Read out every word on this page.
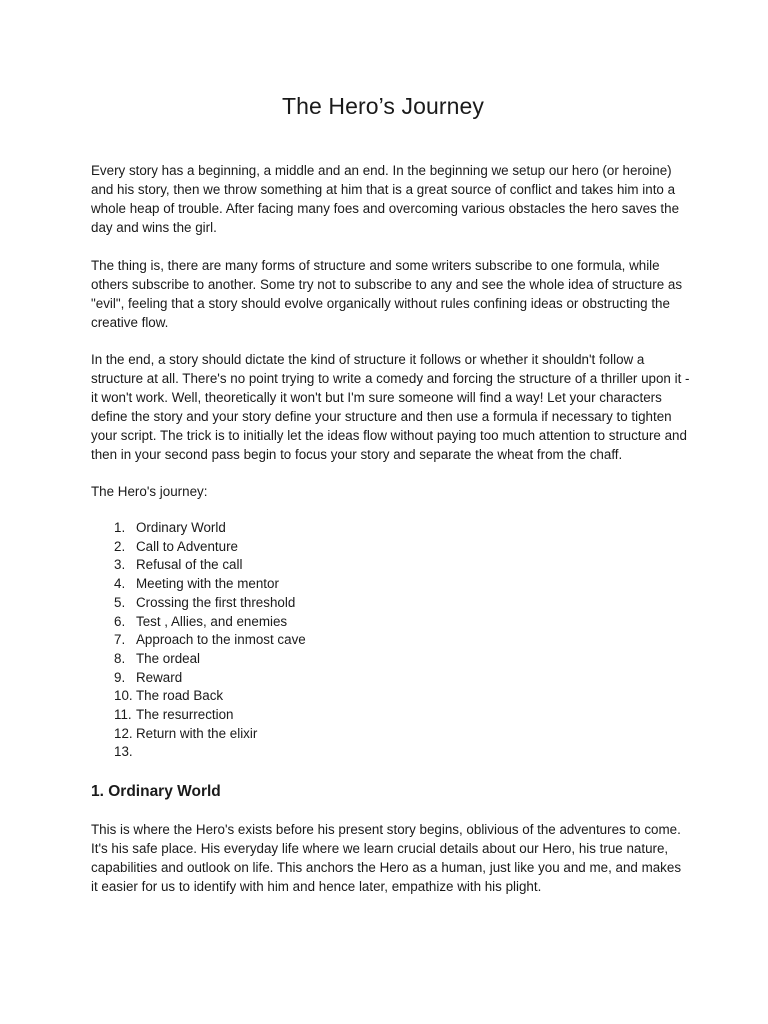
The Hero’s Journey

Every story has a beginning, a middle and an end. In the beginning we setup our hero (or heroine) and his story, then we throw something at him that is a great source of conflict and takes him into a whole heap of trouble. After facing many foes and overcoming various obstacles the hero saves the day and wins the girl.

The thing is, there are many forms of structure and some writers subscribe to one formula, while others subscribe to another. Some try not to subscribe to any and see the whole idea of structure as "evil", feeling that a story should evolve organically without rules confining ideas or obstructing the creative flow.

In the end, a story should dictate the kind of structure it follows or whether it shouldn't follow a structure at all. There's no point trying to write a comedy and forcing the structure of a thriller upon it - it won't work. Well, theoretically it won't but I'm sure someone will find a way! Let your characters define the story and your story define your structure and then use a formula if necessary to tighten your script. The trick is to initially let the ideas flow without paying too much attention to structure and then in your second pass begin to focus your story and separate the wheat from the chaff.

The Hero's journey:

1. Ordinary World
2. Call to Adventure
3. Refusal of the call
4. Meeting with the mentor
5. Crossing the first threshold
6. Test , Allies, and enemies
7. Approach to the inmost cave
8. The ordeal
9. Reward
10. The road Back
11. The resurrection
12. Return with the elixir
13.
1. Ordinary World

This is where the Hero's exists before his present story begins, oblivious of the adventures to come. It's his safe place. His everyday life where we learn crucial details about our Hero, his true nature, capabilities and outlook on life. This anchors the Hero as a human, just like you and me, and makes it easier for us to identify with him and hence later, empathize with his plight.
